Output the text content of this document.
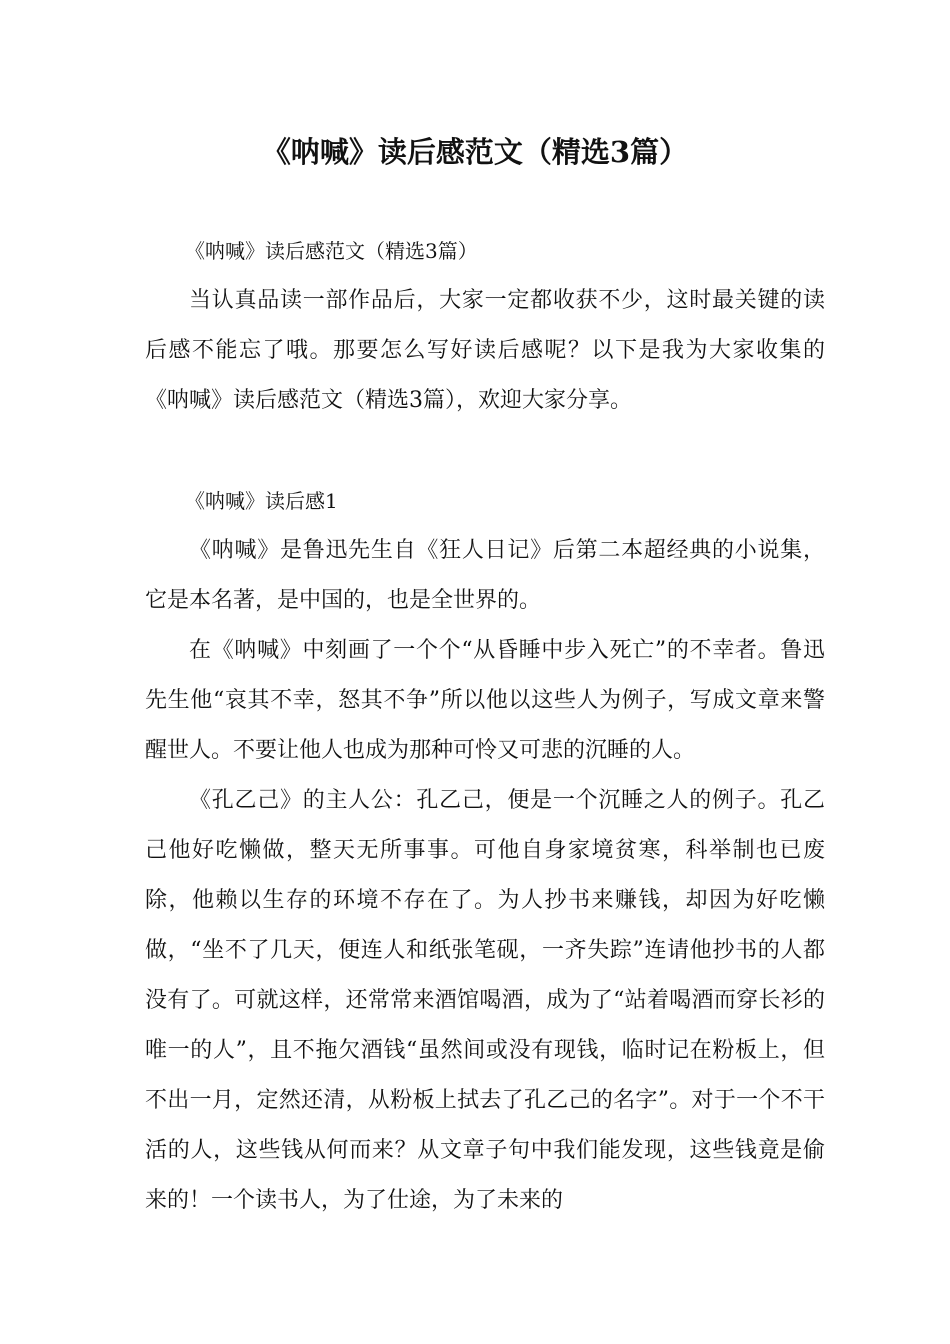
《呐喊》读后感范文（精选3篇）

《呐喊》读后感范文（精选3篇）

当认真品读一部作品后，大家一定都收获不少，这时最关键的读后感不能忘了哦。那要怎么写好读后感呢？以下是我为大家收集的《呐喊》读后感范文（精选3篇），欢迎大家分享。

《呐喊》读后感1

《呐喊》是鲁迅先生自《狂人日记》后第二本超经典的小说集，它是本名著，是中国的，也是全世界的。

在《呐喊》中刻画了一个个“从昏睡中步入死亡”的不幸者。鲁迅先生他“哀其不幸，怒其不争”所以他以这些人为例子，写成文章来警醒世人。不要让他人也成为那种可怜又可悲的沉睡的人。

《孔乙己》的主人公：孔乙己，便是一个沉睡之人的例子。孔乙己他好吃懒做，整天无所事事。可他自身家境贫寒，科举制也已废除，他赖以生存的环境不存在了。为人抄书来赚钱，却因为好吃懒做，“坐不了几天，便连人和纸张笔砚，一齐失踪”连请他抄书的人都没有了。可就这样，还常常来酒馆喝酒，成为了“站着喝酒而穿长衫的唯一的人”，且不拖欠酒钱“虽然间或没有现钱，临时记在粉板上，但不出一月，定然还清，从粉板上拭去了孔乙己的名字”。对于一个不干活的人，这些钱从何而来？从文章子句中我们能发现，这些钱竟是偷来的！一个读书人，为了仕途，为了未来的
